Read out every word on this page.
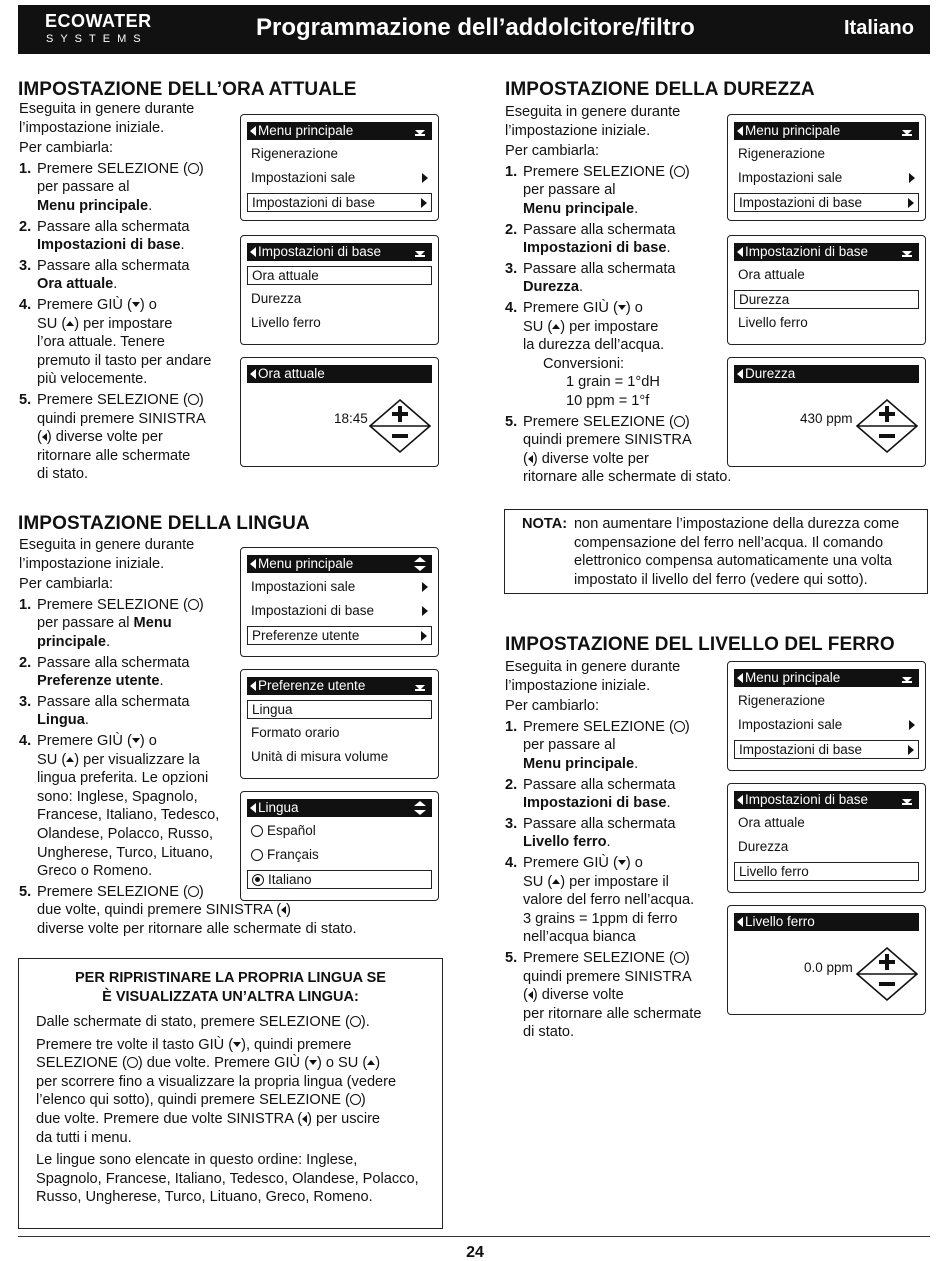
ECOWATER
SYSTEMS	Programmazione dell’addolcitore/filtro	Italiano
IMPOSTAZIONE DELL’ORA ATTUALE

Eseguita in genere durante

l’impostazione iniziale.

Per cambiarla:

1. Premere SELEZIONE ( )
per passare al
Menu principale.
2. Passare alla schermata
Impostazioni di base.
3. Passare alla schermata
Ora attuale.
4. Premere GIÙ ( ) o
SU ( ) per impostare
l’ora attuale. Tenere
premuto il tasto per andare
più velocemente.
5. Premere SELEZIONE ( )
quindi premere SINISTRA
( ) diverse volte per
ritornare alle schermate
di stato.
Menu principale
Rigenerazione
Impostazioni sale
Impostazioni di base
Impostazioni di base
Ora attuale
Durezza
Livello ferro
Ora attuale
18:45
IMPOSTAZIONE DELLA DUREZZA

Eseguita in genere durante

l’impostazione iniziale.

Per cambiarla:

1. Premere SELEZIONE ( )
per passare al
Menu principale.
2. Passare alla schermata
Impostazioni di base.
3. Passare alla schermata
Durezza.
4. Premere GIÙ ( ) o
SU ( ) per impostare
la durezza dell’acqua.
Conversioni:
1 grain = 1°dH
10 ppm = 1°f
5. Premere SELEZIONE ( )
quindi premere SINISTRA
( ) diverse volte per
ritornare alle schermate di stato.
Menu principale
Rigenerazione
Impostazioni sale
Impostazioni di base
Impostazioni di base
Ora attuale
Durezza
Livello ferro
Durezza
430 ppm
NOTA: non aumentare l’impostazione della durezza come
compensazione del ferro nell’acqua. Il comando
elettronico compensa automaticamente una volta
impostato il livello del ferro (vedere qui sotto).
IMPOSTAZIONE DELLA LINGUA

Eseguita in genere durante

l’impostazione iniziale.

Per cambiarla:

1. Premere SELEZIONE ( )
per passare al Menu
principale.
2. Passare alla schermata
Preferenze utente.
3. Passare alla schermata
Lingua.
4. Premere GIÙ ( ) o
SU ( ) per visualizzare la
lingua preferita. Le opzioni
sono: Inglese, Spagnolo,
Francese, Italiano, Tedesco,
Olandese, Polacco, Russo,
Ungherese, Turco, Lituano,
Greco o Romeno.
5. Premere SELEZIONE ( )
due volte, quindi premere SINISTRA ( )
diverse volte per ritornare alle schermate di stato.
Menu principale
Impostazioni sale
Impostazioni di base
Preferenze utente
Preferenze utente
Lingua
Formato orario
Unità di misura volume
Lingua
Español
Français
Italiano
PER RIPRISTINARE LA PROPRIA LINGUA SE
È VISUALIZZATA UN’ALTRA LINGUA:
Dalle schermate di stato, premere SELEZIONE ( ).
Premere tre volte il tasto GIÙ ( ), quindi premere
SELEZIONE ( ) due volte. Premere GIÙ ( ) o SU ( )
per scorrere fino a visualizzare la propria lingua (vedere
l’elenco qui sotto), quindi premere SELEZIONE ( )
due volte. Premere due volte SINISTRA ( ) per uscire
da tutti i menu.
Le lingue sono elencate in questo ordine: Inglese,
Spagnolo, Francese, Italiano, Tedesco, Olandese, Polacco,
Russo, Ungherese, Turco, Lituano, Greco, Romeno.
IMPOSTAZIONE DEL LIVELLO DEL FERRO

Eseguita in genere durante

l’impostazione iniziale.

Per cambiarlo:

1. Premere SELEZIONE ( )
per passare al
Menu principale.
2. Passare alla schermata
Impostazioni di base.
3. Passare alla schermata
Livello ferro.
4. Premere GIÙ ( ) o
SU ( ) per impostare il
valore del ferro nell’acqua.
3 grains = 1ppm di ferro
nell’acqua bianca
5. Premere SELEZIONE ( )
quindi premere SINISTRA
( ) diverse volte
per ritornare alle schermate
di stato.
Menu principale
Rigenerazione
Impostazioni sale
Impostazioni di base
Impostazioni di base
Ora attuale
Durezza
Livello ferro
Livello ferro
0.0 ppm
24
